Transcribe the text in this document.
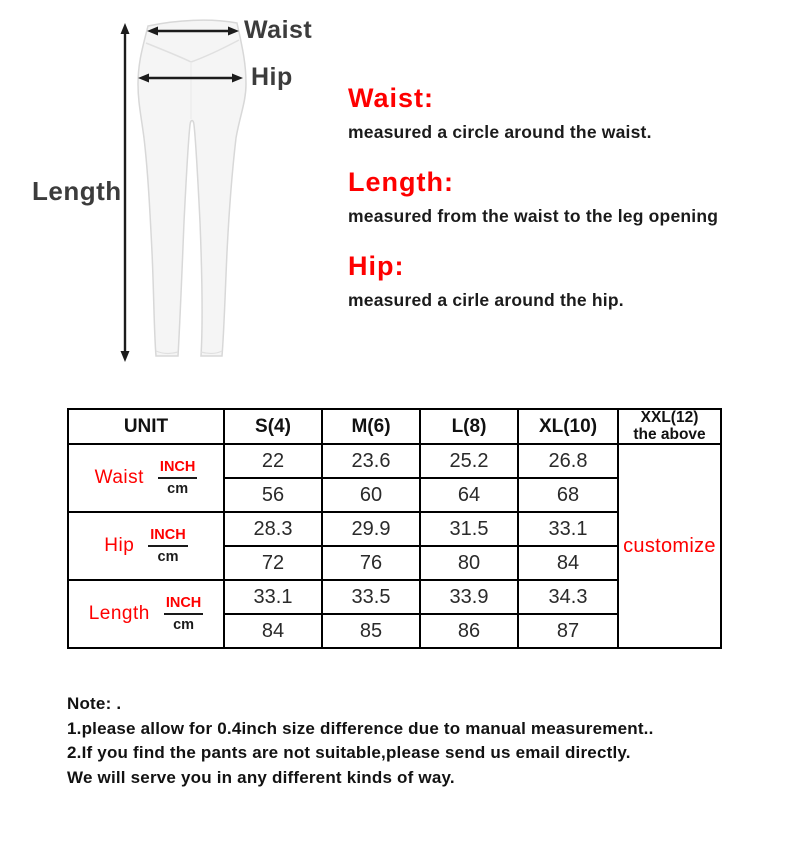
Waist
Hip
Length
Waist:
measured a circle around the waist.
Length:
measured from the waist to the leg opening
Hip:
measured a cirle around the hip.
UNIT	S(4)	M(6)	L(8)	XL(10)	XXL(12)
the above

Waist $\frac{\text{INCH}}{cm}$	22	23.6	25.2	26.8	customize
	56	60	64	68	

Hip $\frac{\text{INCH}}{cm}$	28.3	29.9	31.5	33.1	
	72	76	80	84	

Length $\frac{\text{INCH}}{cm}$	33.1	33.5	33.9	34.3	
	84	85	86	87	
Note: .
1.please allow for 0.4inch size difference due to manual measurement..
2.If you find the pants are not suitable,please send us email directly.
We will serve you in any different kinds of way.
